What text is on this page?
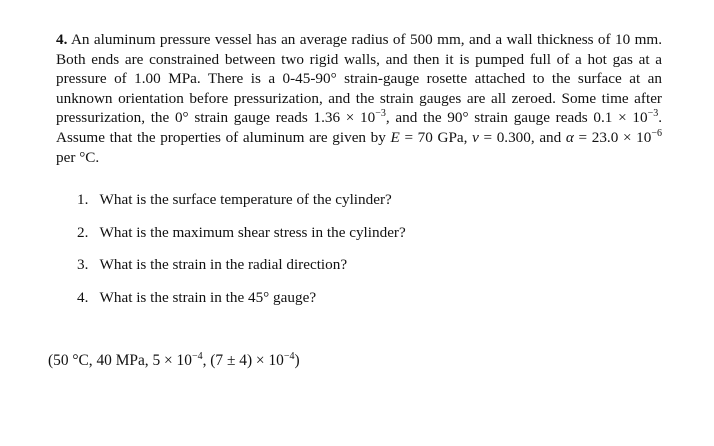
4. An aluminum pressure vessel has an average radius of 500 mm, and a wall thickness of 10 mm. Both ends are constrained between two rigid walls, and then it is pumped full of a hot gas at a pressure of 1.00 MPa. There is a 0-45-90° strain-gauge rosette attached to the surface at an unknown orientation before pressurization, and the strain gauges are all zeroed. Some time after pressurization, the 0° strain gauge reads $1.36 \times 10^{-3}$, and the 90° strain gauge reads $0.1 \times 10^{-3}$. Assume that the properties of aluminum are given by E = 70 GPa, ν = 0.300, and $\alpha = 23.0 \times 10^{-6}$ per °C.
1. What is the surface temperature of the cylinder?
2. What is the maximum shear stress in the cylinder?
3. What is the strain in the radial direction?
4. What is the strain in the 45° gauge?
(50 °C, 40 MPa, $5 \times 10^{-4}$, $(7 \pm 4) \times 10^{-4}$)
